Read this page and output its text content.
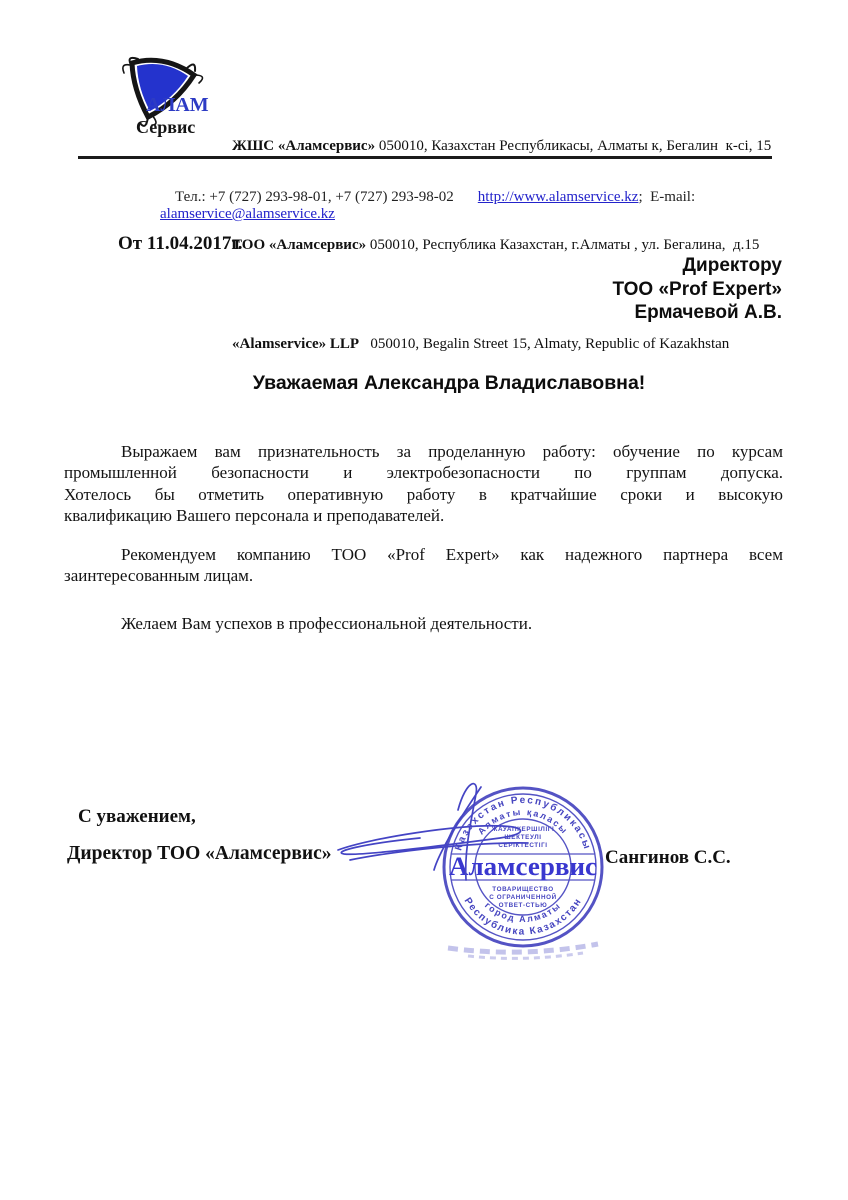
АЛАМ
Сервис

ЖШС «Аламсервис» 050010, Казахстан Республикасы, Алматы к, Бегалин  к-сі, 15

ТОО «Аламсервис» 050010, Республика Казахстан, г.Алматы , ул. Бегалина,  д.15

«Alamservice» LLP   050010, Begalin Street 15, Almaty, Republic of Kazakhstan

Тел.: +7 (727) 293-98-01, +7 (727) 293-98-02 http://www.alamservice.kz;  E-mail: alamservice@alamservice.kz

От 11.04.2017г.
Директору
ТОО «Prof Expert»
Ермачевой А.В.
Уважаемая Александра Владиславовна!
Выражаем вам признательность за проделанную работу: обучение по курсам
промышленной безопасности и электробезопасности по группам допуска.
Хотелось бы отметить оперативную работу в кратчайшие сроки и высокую
квалификацию Вашего персонала и преподавателей.
Рекомендуем компанию ТОО «Prof Expert» как надежного партнера всем
заинтересованным лицам.
Желаем Вам успехов в профессиональной деятельности.
С уважением,
Директор ТОО «Аламсервис»	Сангинов С.С.
Казахстан Республикасы
Алматы қаласы
город Алматы
Республика Казахстан
ЖАУАПКЕРШІЛІГІ
ШЕКТЕУЛІ
СЕРІКТЕСТІГІ
ТОВАРИЩЕСТВО
С ОГРАНИЧЕННОЙ
ОТВЕТ-СТЬЮ
Аламсервис
